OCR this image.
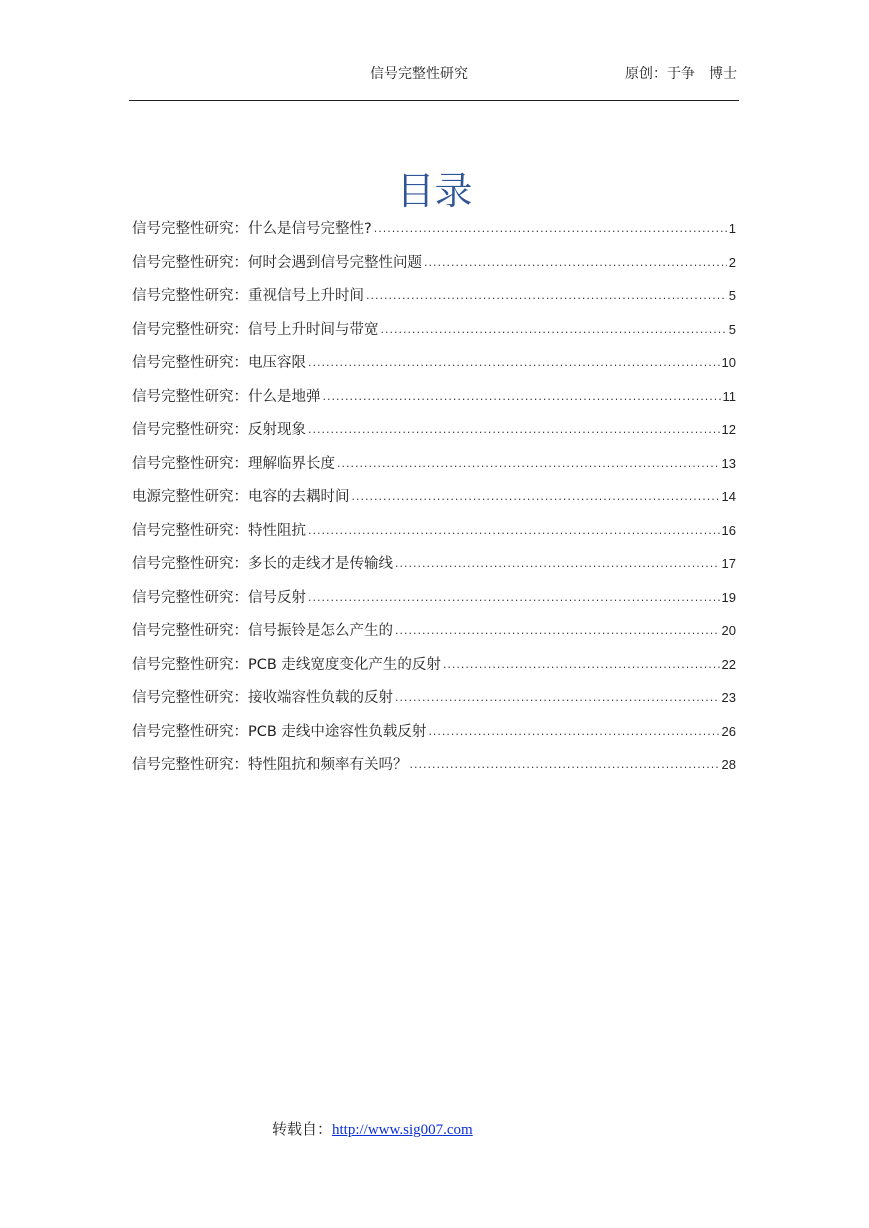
信号完整性研究	原创：于争　博士
目录
信号完整性研究：什么是信号完整性? .....	1
信号完整性研究：何时会遇到信号完整性问题 .....	2
信号完整性研究：重视信号上升时间 .....	5
信号完整性研究：信号上升时间与带宽 .....	5
信号完整性研究：电压容限 .....	10
信号完整性研究：什么是地弹 .....	11
信号完整性研究：反射现象 .....	12
信号完整性研究：理解临界长度 .....	13
电源完整性研究：电容的去耦时间 .....	14
信号完整性研究：特性阻抗 .....	16
信号完整性研究：多长的走线才是传输线 .....	17
信号完整性研究：信号反射 .....	19
信号完整性研究：信号振铃是怎么产生的 .....	20
信号完整性研究：PCB 走线宽度变化产生的反射 .....	22
信号完整性研究：接收端容性负载的反射 .....	23
信号完整性研究：PCB 走线中途容性负载反射 .....	26
信号完整性研究：特性阻抗和频率有关吗？ .....	28
转载自：http://www.sig007.com
